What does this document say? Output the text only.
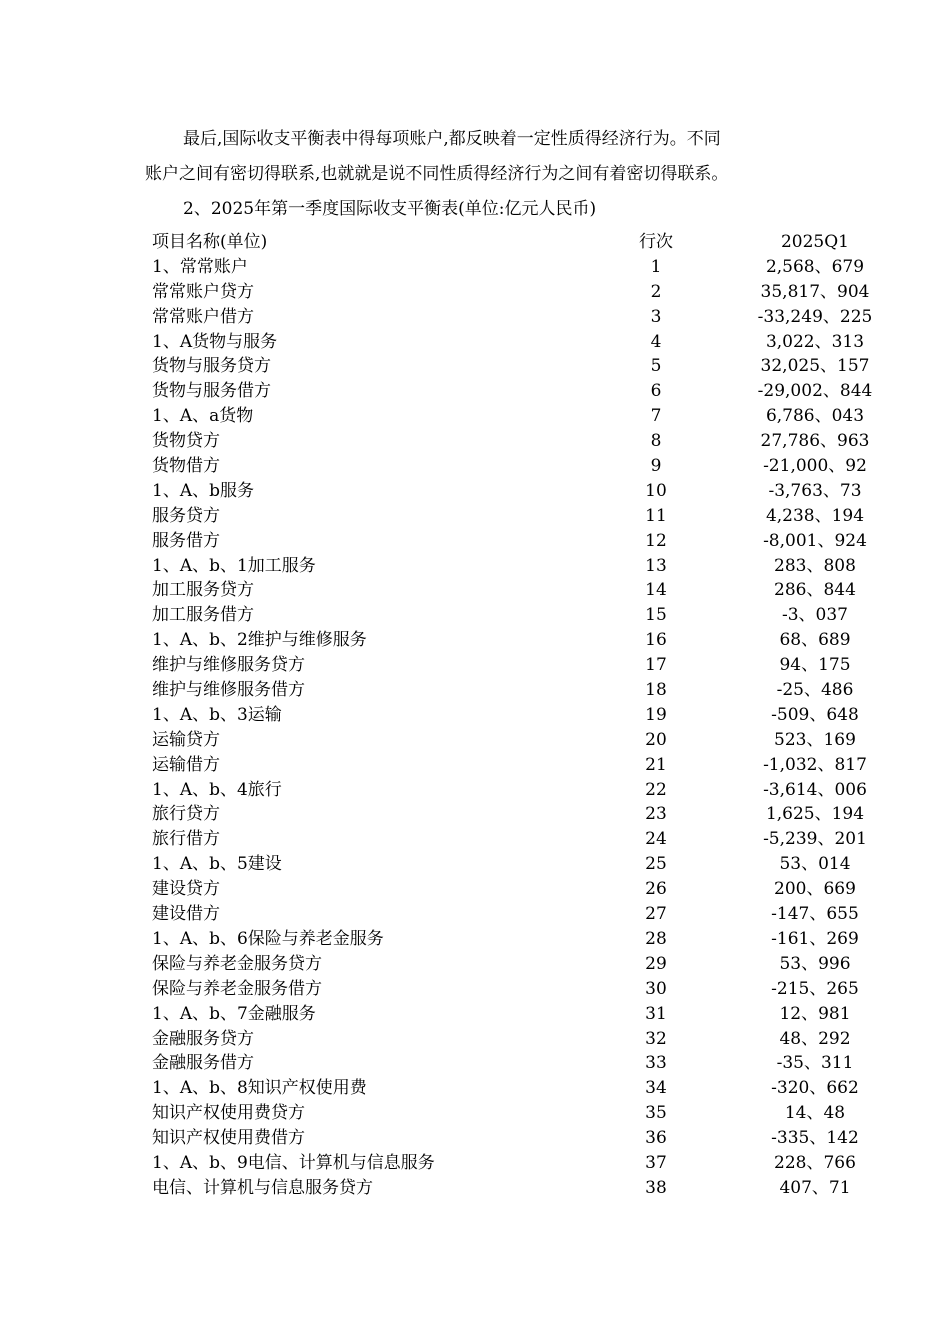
最后,国际收支平衡表中得每项账户,都反映着一定性质得经济行为。不同
账户之间有密切得联系,也就就是说不同性质得经济行为之间有着密切得联系。
2、2025年第一季度国际收支平衡表(单位:亿元人民币)
项目名称(单位)	行次	2025Q1
1、常常账户	1	2,568、679
常常账户贷方	2	35,817、904
常常账户借方	3	-33,249、225
1、A货物与服务	4	3,022、313
货物与服务贷方	5	32,025、157
货物与服务借方	6	-29,002、844
1、A、a货物	7	6,786、043
货物贷方	8	27,786、963
货物借方	9	-21,000、92
1、A、b服务	10	-3,763、73
服务贷方	11	4,238、194
服务借方	12	-8,001、924
1、A、b、1加工服务	13	283、808
加工服务贷方	14	286、844
加工服务借方	15	-3、037
1、A、b、2维护与维修服务	16	68、689
维护与维修服务贷方	17	94、175
维护与维修服务借方	18	-25、486
1、A、b、3运输	19	-509、648
运输贷方	20	523、169
运输借方	21	-1,032、817
1、A、b、4旅行	22	-3,614、006
旅行贷方	23	1,625、194
旅行借方	24	-5,239、201
1、A、b、5建设	25	53、014
建设贷方	26	200、669
建设借方	27	-147、655
1、A、b、6保险与养老金服务	28	-161、269
保险与养老金服务贷方	29	53、996
保险与养老金服务借方	30	-215、265
1、A、b、7金融服务	31	12、981
金融服务贷方	32	48、292
金融服务借方	33	-35、311
1、A、b、8知识产权使用费	34	-320、662
知识产权使用费贷方	35	14、48
知识产权使用费借方	36	-335、142
1、A、b、9电信、计算机与信息服务	37	228、766
电信、计算机与信息服务贷方	38	407、71
